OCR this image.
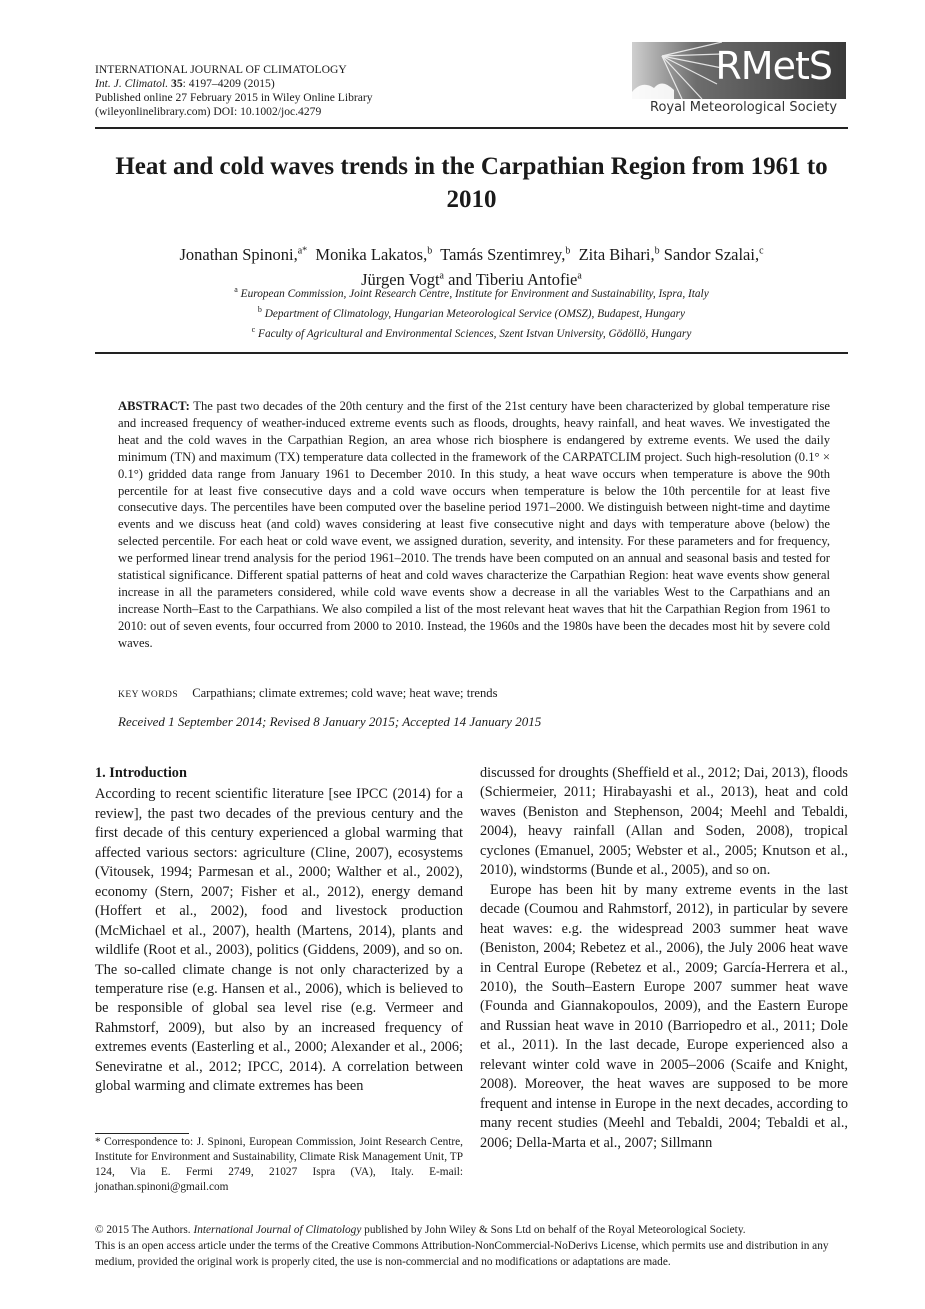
INTERNATIONAL JOURNAL OF CLIMATOLOGY
Int. J. Climatol. 35: 4197–4209 (2015)
Published online 27 February 2015 in Wiley Online Library
(wileyonlinelibrary.com) DOI: 10.1002/joc.4279
RMetS
Royal Meteorological Society
Heat and cold waves trends in the Carpathian Region from 1961 to 2010
Jonathan Spinoni,$^{a*}$ Monika Lakatos,$^b$ Tamás Szentimrey,$^b$ Zita Bihari,$^b$ Sandor Szalai,$^c$
Jürgen Vogt$^a$ and Tiberiu Antofie$^a$
$^a$ European Commission, Joint Research Centre, Institute for Environment and Sustainability, Ispra, Italy
$^b$ Department of Climatology, Hungarian Meteorological Service (OMSZ), Budapest, Hungary
$^c$ Faculty of Agricultural and Environmental Sciences, Szent Istvan University, Gödöllö, Hungary
ABSTRACT: The past two decades of the 20th century and the first of the 21st century have been characterized by global temperature rise and increased frequency of weather-induced extreme events such as floods, droughts, heavy rainfall, and heat waves. We investigated the heat and the cold waves in the Carpathian Region, an area whose rich biosphere is endangered by extreme events. We used the daily minimum (TN) and maximum (TX) temperature data collected in the framework of the CARPATCLIM project. Such high-resolution (0.1° × 0.1°) gridded data range from January 1961 to December 2010. In this study, a heat wave occurs when temperature is above the 90th percentile for at least five consecutive days and a cold wave occurs when temperature is below the 10th percentile for at least five consecutive days. The percentiles have been computed over the baseline period 1971–2000. We distinguish between night-time and daytime events and we discuss heat (and cold) waves considering at least five consecutive night and days with temperature above (below) the selected percentile. For each heat or cold wave event, we assigned duration, severity, and intensity. For these parameters and for frequency, we performed linear trend analysis for the period 1961–2010. The trends have been computed on an annual and seasonal basis and tested for statistical significance. Different spatial patterns of heat and cold waves characterize the Carpathian Region: heat wave events show general increase in all the parameters considered, while cold wave events show a decrease in all the variables West to the Carpathians and an increase North–East to the Carpathians. We also compiled a list of the most relevant heat waves that hit the Carpathian Region from 1961 to 2010: out of seven events, four occurred from 2000 to 2010. Instead, the 1960s and the 1980s have been the decades most hit by severe cold waves.
KEY WORDS Carpathians; climate extremes; cold wave; heat wave; trends
Received 1 September 2014; Revised 8 January 2015; Accepted 14 January 2015
1. Introduction

According to recent scientific literature [see IPCC (2014) for a review], the past two decades of the previous century and the first decade of this century experienced a global warming that affected various sectors: agriculture (Cline, 2007), ecosystems (Vitousek, 1994; Parmesan et al., 2000; Walther et al., 2002), economy (Stern, 2007; Fisher et al., 2012), energy demand (Hoffert et al., 2002), food and livestock production (McMichael et al., 2007), health (Martens, 2014), plants and wildlife (Root et al., 2003), politics (Giddens, 2009), and so on. The so-called climate change is not only characterized by a temperature rise (e.g. Hansen et al., 2006), which is believed to be responsible of global sea level rise (e.g. Vermeer and Rahmstorf, 2009), but also by an increased frequency of extremes events (Easterling et al., 2000; Alexander et al., 2006; Seneviratne et al., 2012; IPCC, 2014). A correlation between global warming and climate extremes has been

discussed for droughts (Sheffield et al., 2012; Dai, 2013), floods (Schiermeier, 2011; Hirabayashi et al., 2013), heat and cold waves (Beniston and Stephenson, 2004; Meehl and Tebaldi, 2004), heavy rainfall (Allan and Soden, 2008), tropical cyclones (Emanuel, 2005; Webster et al., 2005; Knutson et al., 2010), windstorms (Bunde et al., 2005), and so on.

Europe has been hit by many extreme events in the last decade (Coumou and Rahmstorf, 2012), in particular by severe heat waves: e.g. the widespread 2003 summer heat wave (Beniston, 2004; Rebetez et al., 2006), the July 2006 heat wave in Central Europe (Rebetez et al., 2009; García-Herrera et al., 2010), the South–Eastern Europe 2007 summer heat wave (Founda and Giannakopoulos, 2009), and the Eastern Europe and Russian heat wave in 2010 (Barriopedro et al., 2011; Dole et al., 2011). In the last decade, Europe experienced also a relevant winter cold wave in 2005–2006 (Scaife and Knight, 2008). Moreover, the heat waves are supposed to be more frequent and intense in Europe in the next decades, according to many recent studies (Meehl and Tebaldi, 2004; Tebaldi et al., 2006; Della-Marta et al., 2007; Sillmann

* Correspondence to: J. Spinoni, European Commission, Joint Research Centre, Institute for Environment and Sustainability, Climate Risk Management Unit, TP 124, Via E. Fermi 2749, 21027 Ispra (VA), Italy. E-mail: jonathan.spinoni@gmail.com
© 2015 The Authors. International Journal of Climatology published by John Wiley & Sons Ltd on behalf of the Royal Meteorological Society.
This is an open access article under the terms of the Creative Commons Attribution-NonCommercial-NoDerivs License, which permits use and distribution in any medium, provided the original work is properly cited, the use is non-commercial and no modifications or adaptations are made.
